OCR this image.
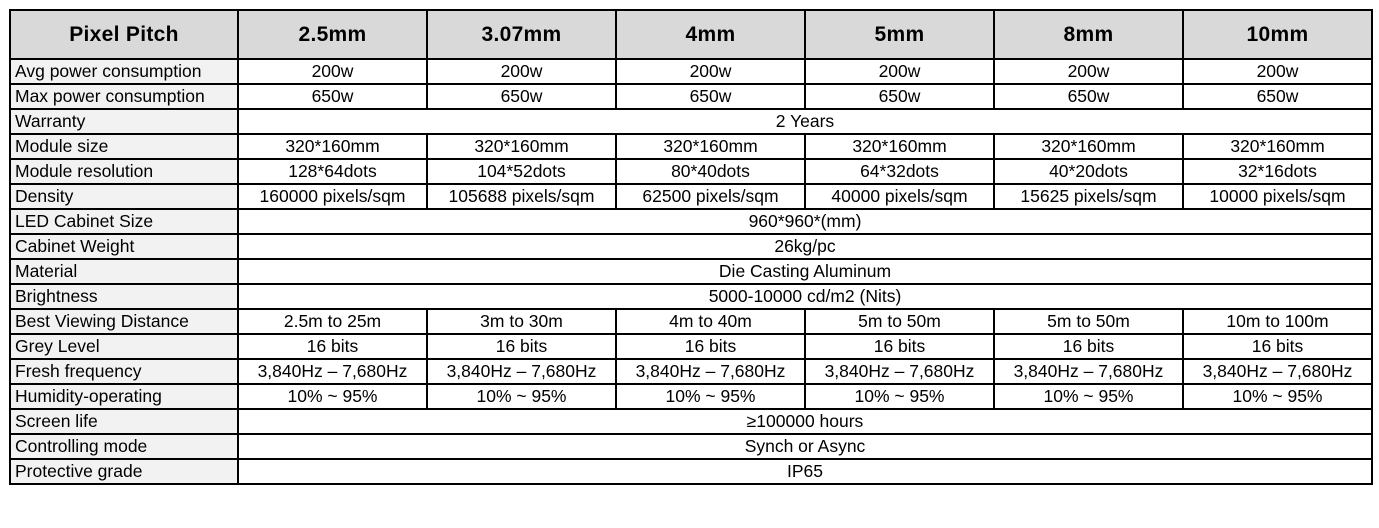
Pixel Pitch	2.5mm	3.07mm	4mm	5mm	8mm	10mm
Avg power consumption	200w	200w	200w	200w	200w	200w
Max power consumption	650w	650w	650w	650w	650w	650w
Warranty	2 Years					
Module size	320*160mm	320*160mm	320*160mm	320*160mm	320*160mm	320*160mm
Module resolution	128*64dots	104*52dots	80*40dots	64*32dots	40*20dots	32*16dots
Density	160000 pixels/sqm	105688 pixels/sqm	62500 pixels/sqm	40000 pixels/sqm	15625 pixels/sqm	10000 pixels/sqm
LED Cabinet Size	960*960*(mm)					
Cabinet Weight	26kg/pc					
Material	Die Casting Aluminum					
Brightness	5000-10000 cd/m2 (Nits)					
Best Viewing Distance	2.5m to 25m	3m to 30m	4m to 40m	5m to 50m	5m to 50m	10m to 100m
Grey Level	16 bits	16 bits	16 bits	16 bits	16 bits	16 bits
Fresh frequency	3,840Hz – 7,680Hz	3,840Hz – 7,680Hz	3,840Hz – 7,680Hz	3,840Hz – 7,680Hz	3,840Hz – 7,680Hz	3,840Hz – 7,680Hz
Humidity-operating	10% ~ 95%	10% ~ 95%	10% ~ 95%	10% ~ 95%	10% ~ 95%	10% ~ 95%
Screen life	≥100000 hours					
Controlling mode	Synch or Async					
Protective grade	IP65					
